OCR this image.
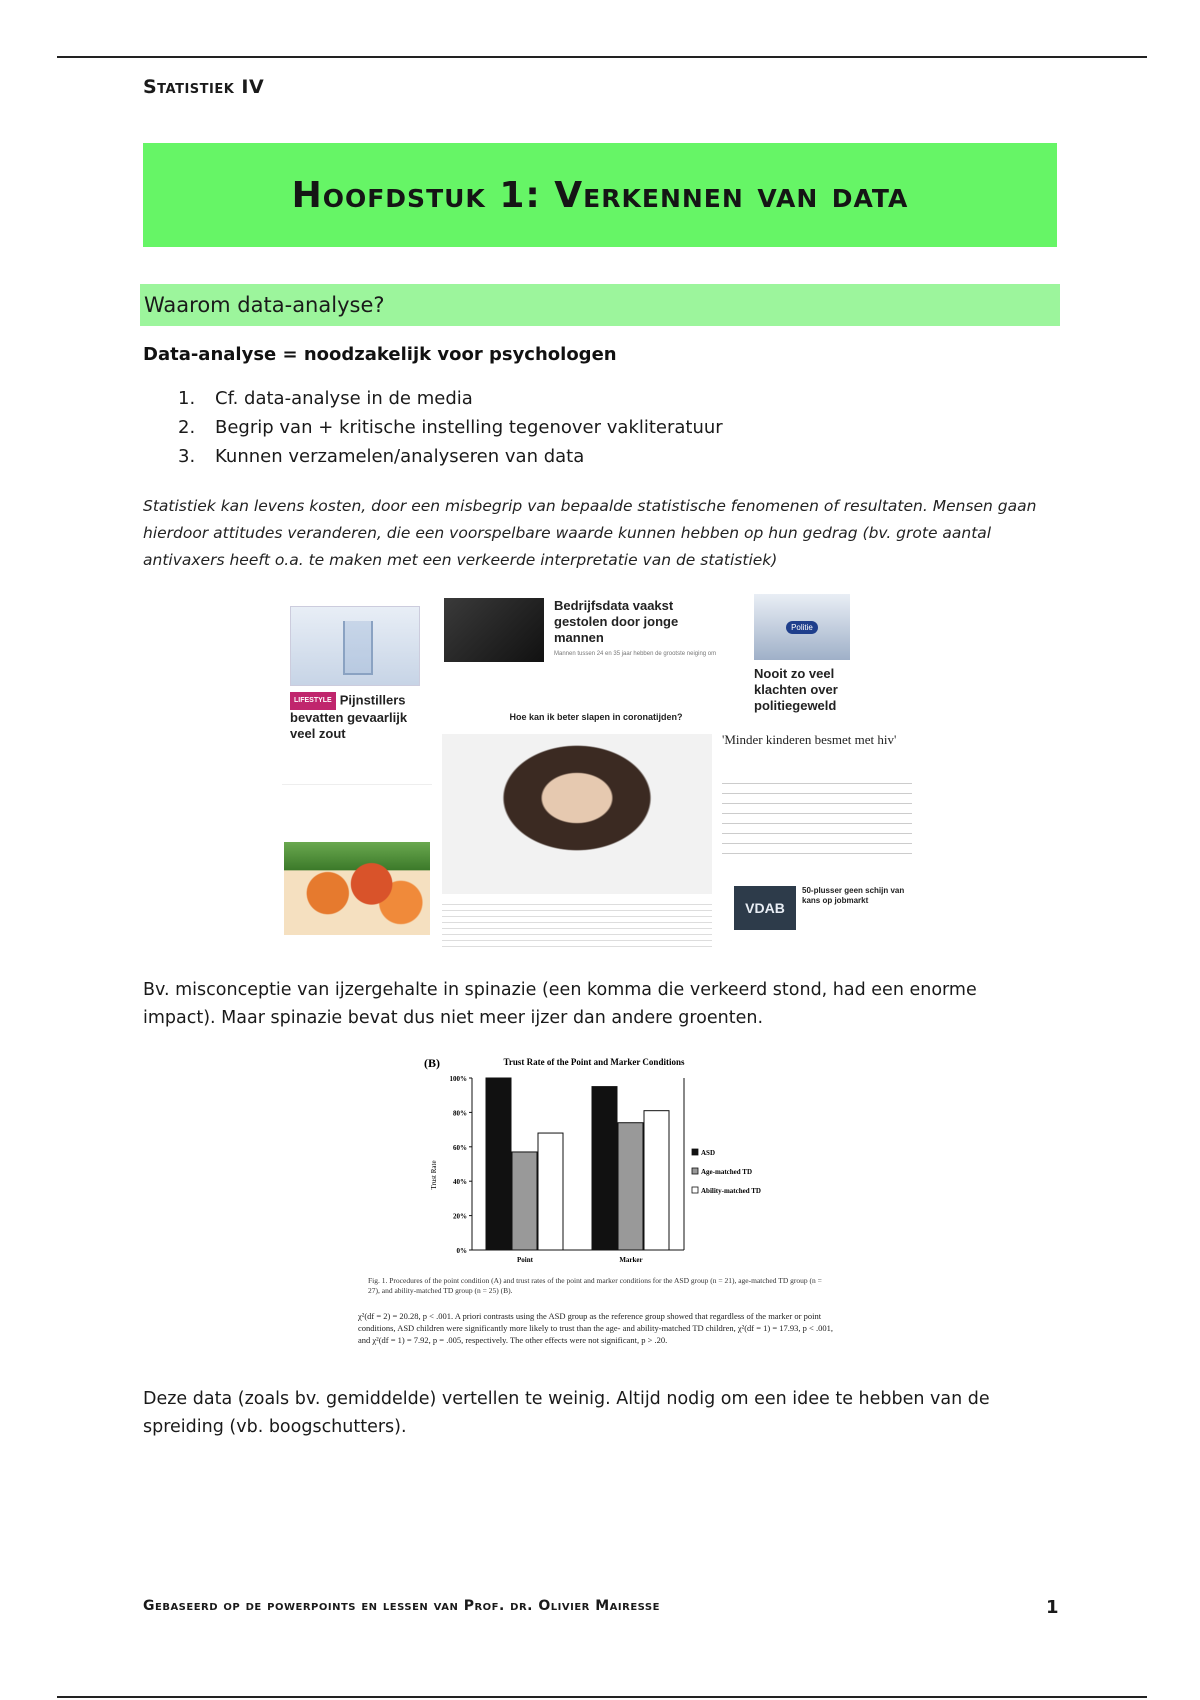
Statistiek IV
Hoofdstuk 1: Verkennen van data
Waarom data-analyse?
Data-analyse = noodzakelijk voor psychologen
1.	Cf. data-analyse in de media
2.	Begrip van + kritische instelling tegenover vakliteratuur
3.	Kunnen verzamelen/analyseren van data
Statistiek kan levens kosten, door een misbegrip van bepaalde statistische fenomenen of resultaten. Mensen gaan hierdoor attitudes veranderen, die een voorspelbare waarde kunnen hebben op hun gedrag (bv. grote aantal antivaxers heeft o.a. te maken met een verkeerde interpretatie van de statistiek)
LIFESTYLE Pijnstillers bevatten gevaarlijk veel zout

Bedrijfsdata vaakst gestolen door jonge mannen
Mannen tussen 24 en 35 jaar hebben de grootste neiging om
Hoe kan ik beter slapen in coronatijden?
Politie
Nooit zo veel klachten over politiegeweld
'Minder kinderen besmet met hiv'
VDAB
50-plusser geen schijn van kans op jobmarkt
Bv. misconceptie van ijzergehalte in spinazie (een komma die verkeerd stond, had een enorme impact). Maar spinazie bevat dus niet meer ijzer dan andere groenten.
(B)	Trust Rate of the Point and Marker Conditions
Trust Rate
0%
20%
40%
60%
80%
100%
Point	Marker
ASD
Age-matched TD
Ability-matched TD
Fig. 1. Procedures of the point condition (A) and trust rates of the point and marker conditions for the ASD group (n = 21), age-matched TD group (n = 27), and ability-matched TD group (n = 25) (B).
χ²(df = 2) = 20.28, p < .001. A priori contrasts using the ASD group as the reference group showed that regardless of the marker or point conditions, ASD children were significantly more likely to trust than the age- and ability-matched TD children, χ²(df = 1) = 17.93, p < .001, and χ²(df = 1) = 7.92, p = .005, respectively. The other effects were not significant, p > .20.
Deze data (zoals bv. gemiddelde) vertellen te weinig. Altijd nodig om een idee te hebben van de spreiding (vb. boogschutters).
Gebaseerd op de powerpoints en lessen van Prof. dr. Olivier Mairesse	1
